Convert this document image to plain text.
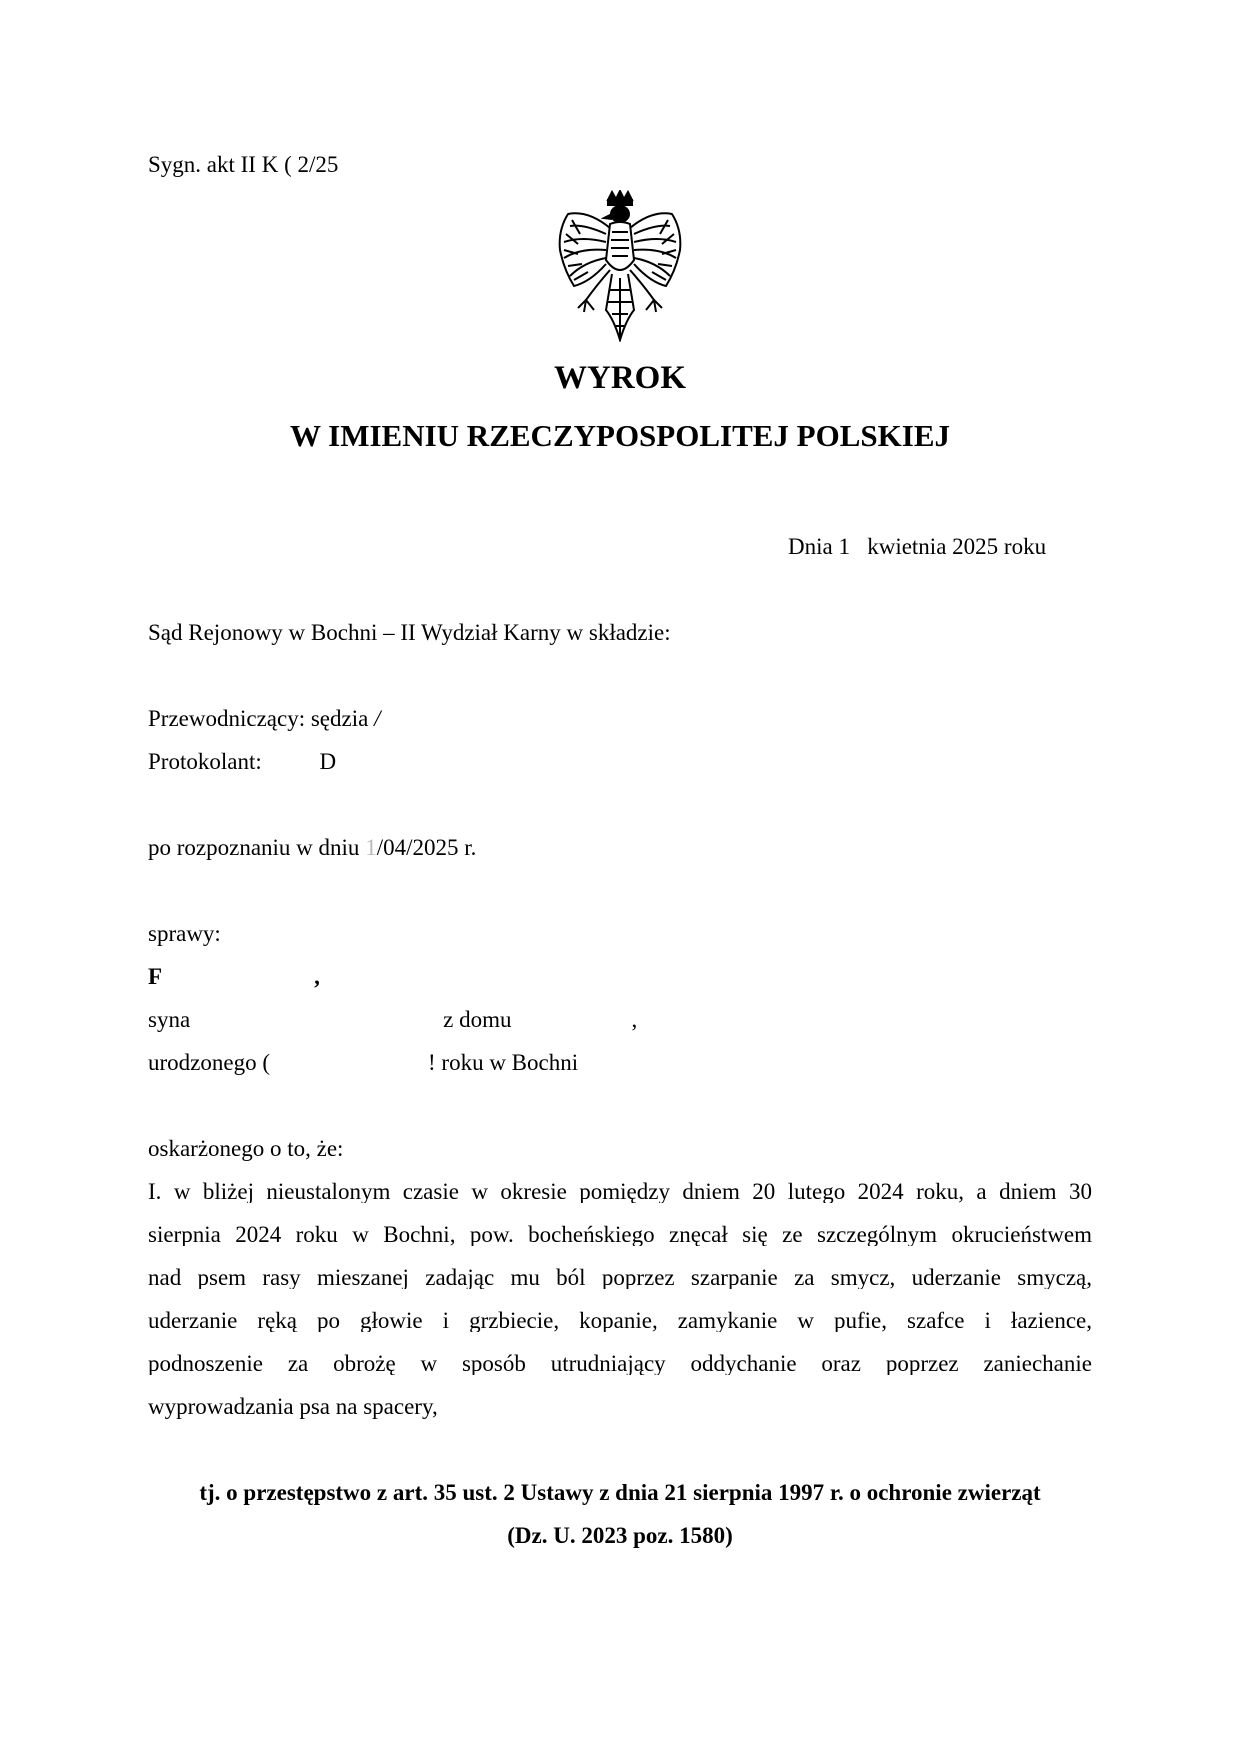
Sygn. akt II K ( 2/25
WYROK
W IMIENIU RZECZYPOSPOLITEJ POLSKIEJ
Dnia 1   kwietnia 2025 roku
Sąd Rejonowy w Bochni – II Wydział Karny w składzie:
Przewodniczący: sędzia /
Protokolant:	D
po rozpoznaniu w dniu 1/04/2025 r.
sprawy:
F	,
syna	z domu	,
urodzonego (	! roku w Bochni
oskarżonego o to, że:
I. w bliżej nieustalonym czasie w okresie pomiędzy dniem 20 lutego 2024 roku, a dniem 30
sierpnia 2024 roku w Bochni, pow. bocheńskiego znęcał się ze szczególnym okrucieństwem
nad psem rasy mieszanej zadając mu ból poprzez szarpanie za smycz, uderzanie smyczą,
uderzanie ręką po głowie i grzbiecie, kopanie, zamykanie w pufie, szafce i łazience,
podnoszenie za obrożę w sposób utrudniający oddychanie oraz poprzez zaniechanie
wyprowadzania psa na spacery,
tj. o przestępstwo z art. 35 ust. 2 Ustawy z dnia 21 sierpnia 1997 r. o ochronie zwierząt
(Dz. U. 2023 poz. 1580)
